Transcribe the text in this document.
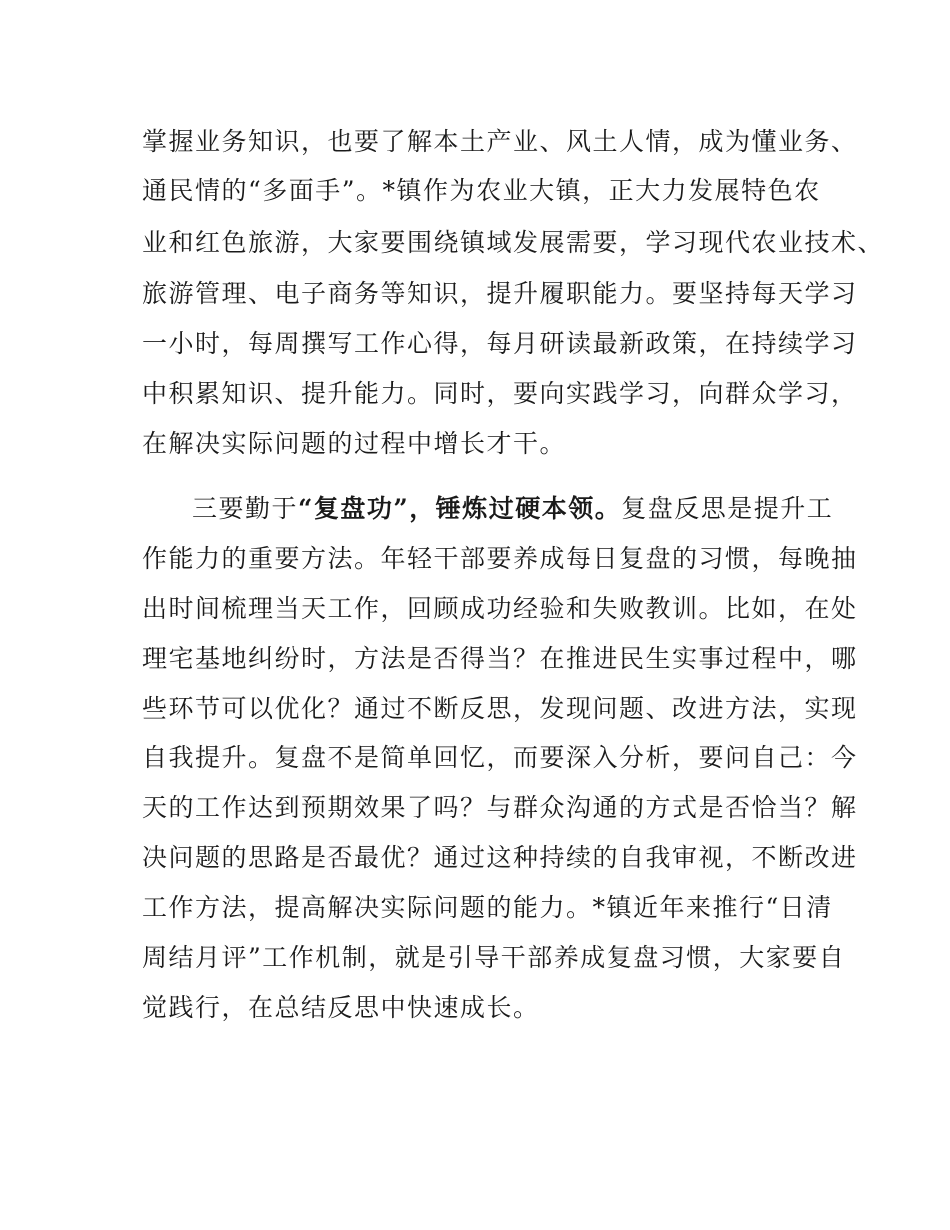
掌握业务知识，也要了解本土产业、风土人情，成为懂业务、
通民情的“多面手”。*镇作为农业大镇，正大力发展特色农
业和红色旅游，大家要围绕镇域发展需要，学习现代农业技术、
旅游管理、电子商务等知识，提升履职能力。要坚持每天学习
一小时，每周撰写工作心得，每月研读最新政策，在持续学习
中积累知识、提升能力。同时，要向实践学习，向群众学习，
在解决实际问题的过程中增长才干。
三要勤于“复盘功”，锤炼过硬本领。复盘反思是提升工
作能力的重要方法。年轻干部要养成每日复盘的习惯，每晚抽
出时间梳理当天工作，回顾成功经验和失败教训。比如，在处
理宅基地纠纷时，方法是否得当？在推进民生实事过程中，哪
些环节可以优化？通过不断反思，发现问题、改进方法，实现
自我提升。复盘不是简单回忆，而要深入分析，要问自己：今
天的工作达到预期效果了吗？与群众沟通的方式是否恰当？解
决问题的思路是否最优？通过这种持续的自我审视，不断改进
工作方法，提高解决实际问题的能力。*镇近年来推行“日清
周结月评”工作机制，就是引导干部养成复盘习惯，大家要自
觉践行，在总结反思中快速成长。
